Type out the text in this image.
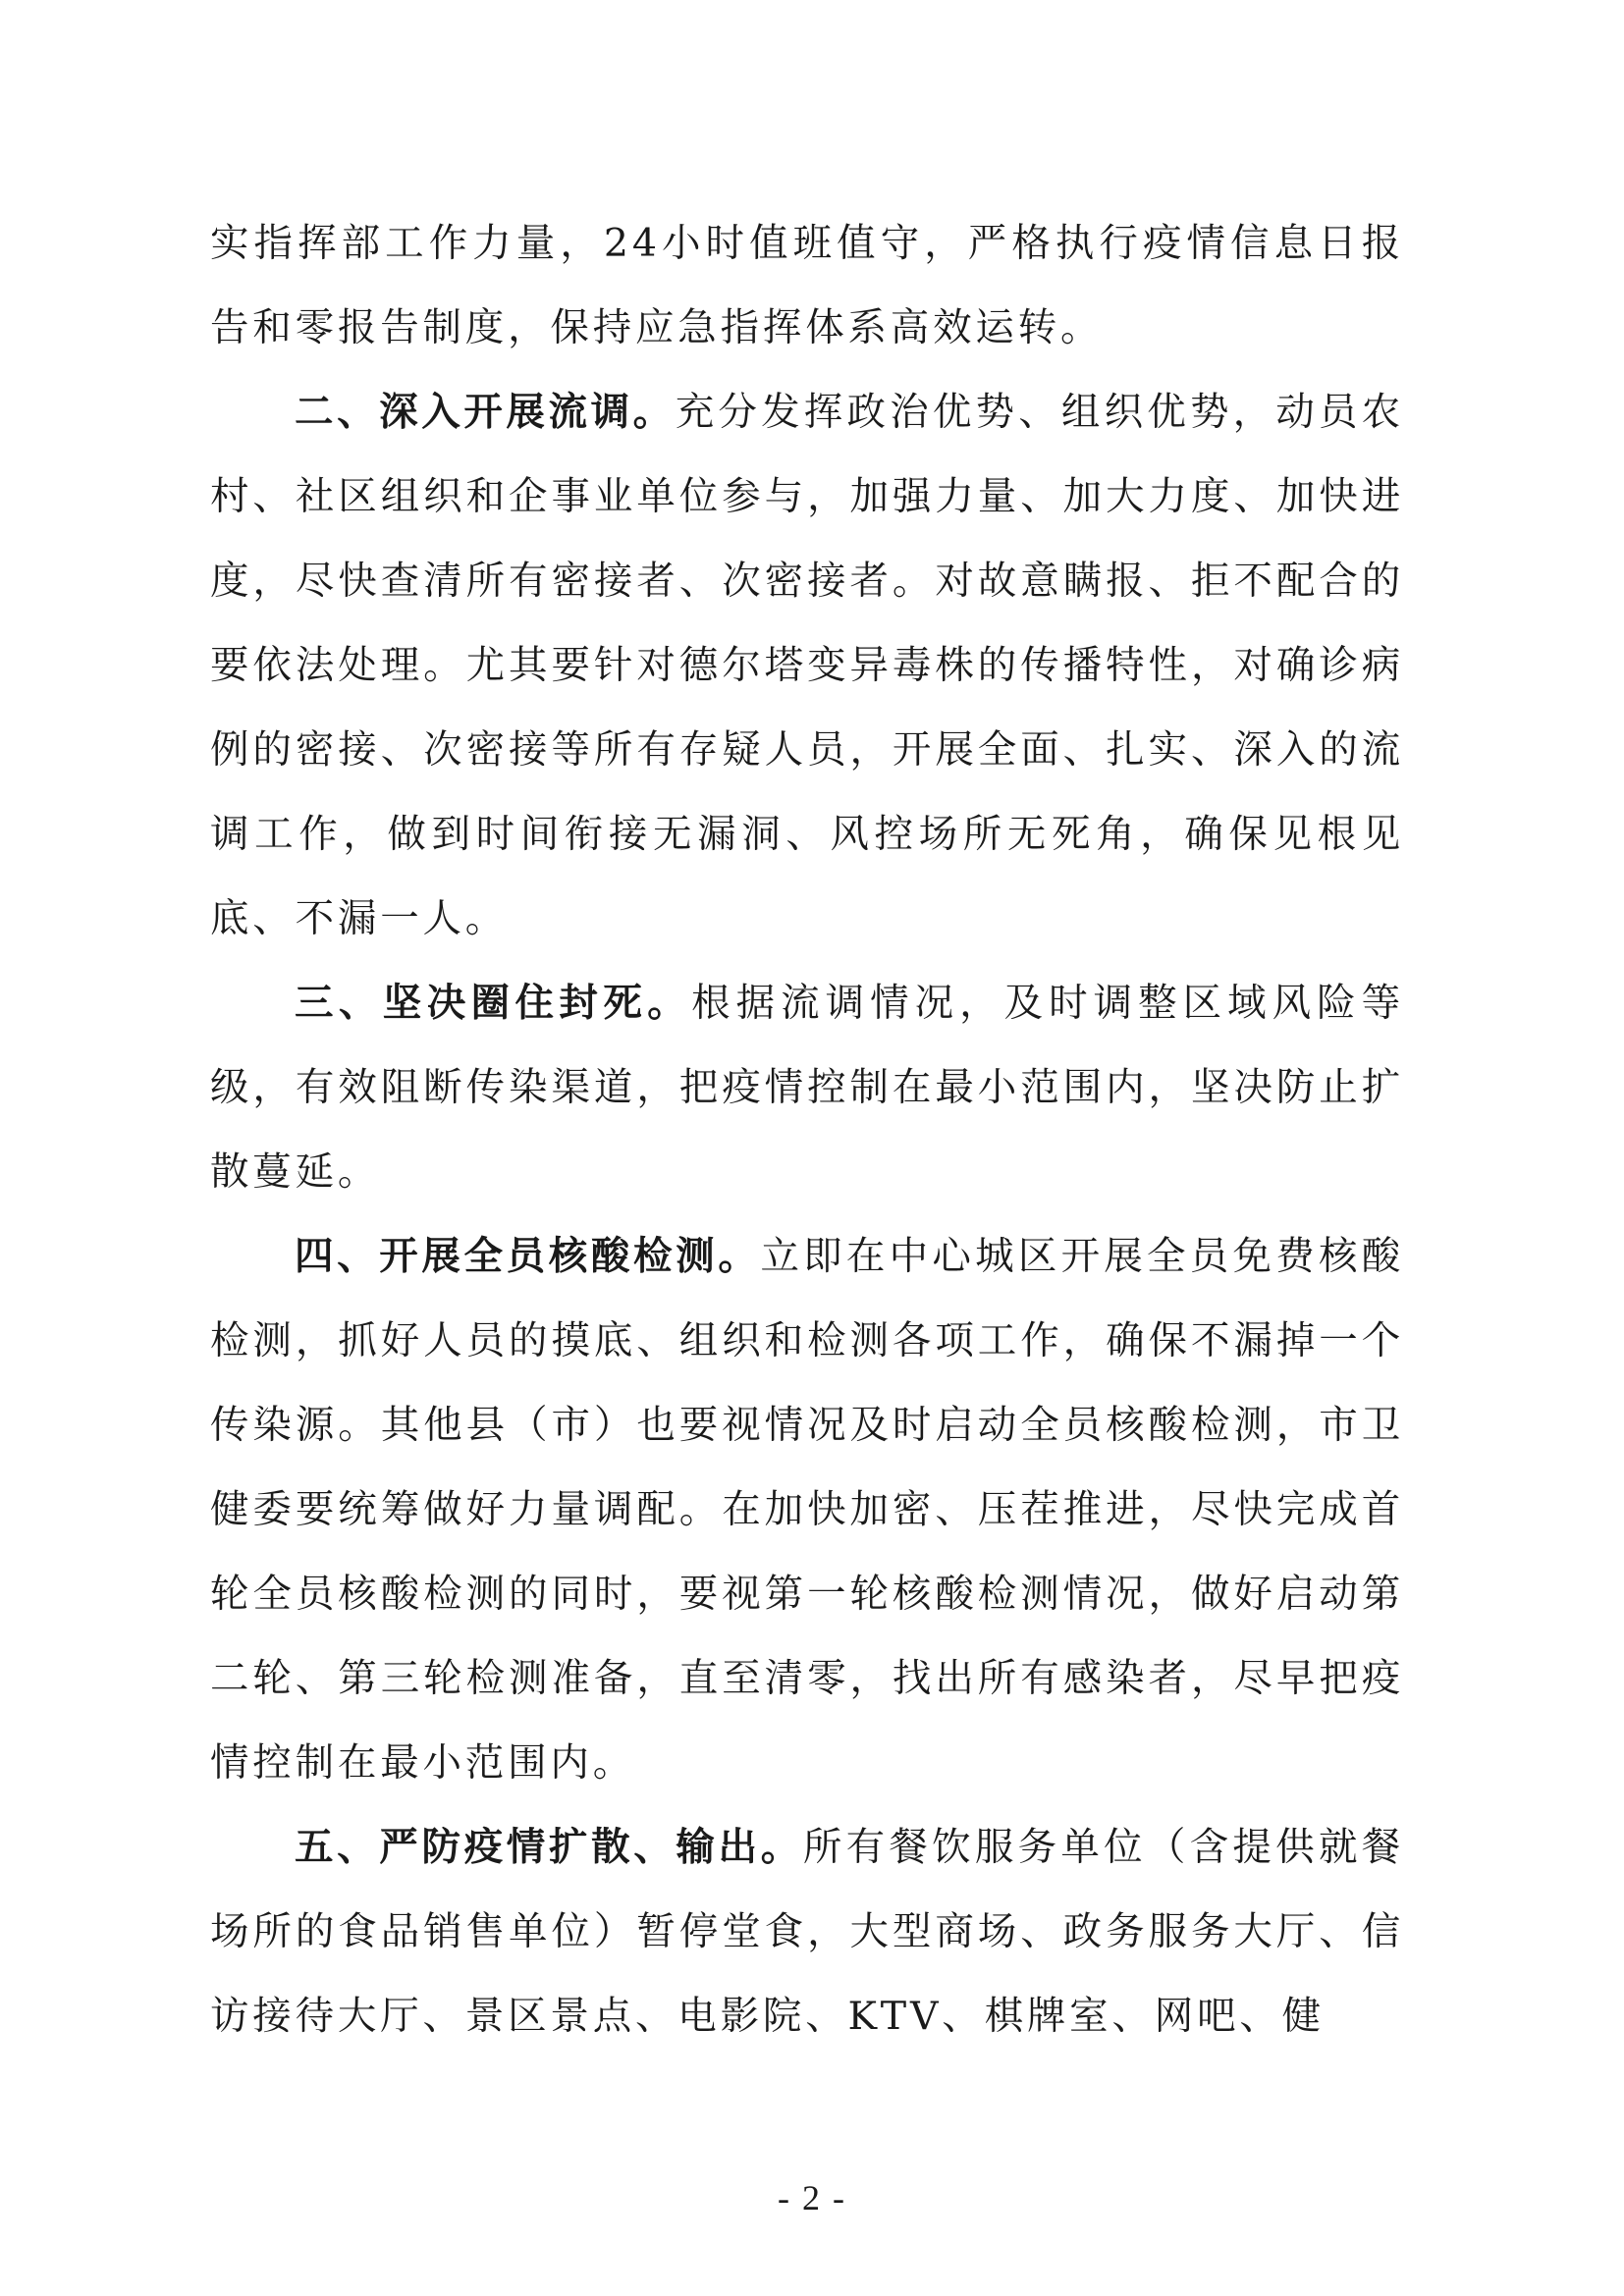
实指挥部工作力量，24小时值班值守，严格执行疫情信息日报告和零报告制度，保持应急指挥体系高效运转。

二、深入开展流调。充分发挥政治优势、组织优势，动员农村、社区组织和企事业单位参与，加强力量、加大力度、加快进度，尽快查清所有密接者、次密接者。对故意瞒报、拒不配合的要依法处理。尤其要针对德尔塔变异毒株的传播特性，对确诊病例的密接、次密接等所有存疑人员，开展全面、扎实、深入的流调工作，做到时间衔接无漏洞、风控场所无死角，确保见根见底、不漏一人。

三、坚决圈住封死。根据流调情况，及时调整区域风险等级，有效阻断传染渠道，把疫情控制在最小范围内，坚决防止扩散蔓延。

四、开展全员核酸检测。立即在中心城区开展全员免费核酸检测，抓好人员的摸底、组织和检测各项工作，确保不漏掉一个传染源。其他县（市）也要视情况及时启动全员核酸检测，市卫健委要统筹做好力量调配。在加快加密、压茬推进，尽快完成首轮全员核酸检测的同时，要视第一轮核酸检测情况，做好启动第二轮、第三轮检测准备，直至清零，找出所有感染者，尽早把疫情控制在最小范围内。

五、严防疫情扩散、输出。所有餐饮服务单位（含提供就餐场所的食品销售单位）暂停堂食，大型商场、政务服务大厅、信访接待大厅、景区景点、电影院、KTV、棋牌室、网吧、健

- 2 -
